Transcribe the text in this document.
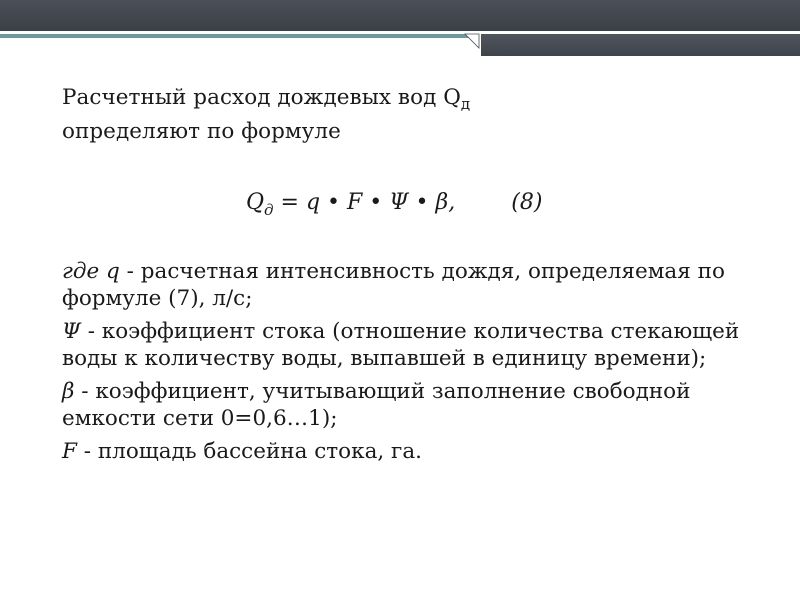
Расчетный расход дождевых вод $Q_д$
определяют по формуле
$Q_д = q$ • F • Ψ • β,	(8)

где q - расчетная интенсивность дождя, определяемая по формуле (7), л/с;

Ψ - коэффициент стока (отношение количества стекающей воды к количеству воды, выпавшей в единицу времени);

β - коэффициент, учитывающий заполнение свободной емкости сети 0=0,6…1);

F - площадь бассейна стока, га.
